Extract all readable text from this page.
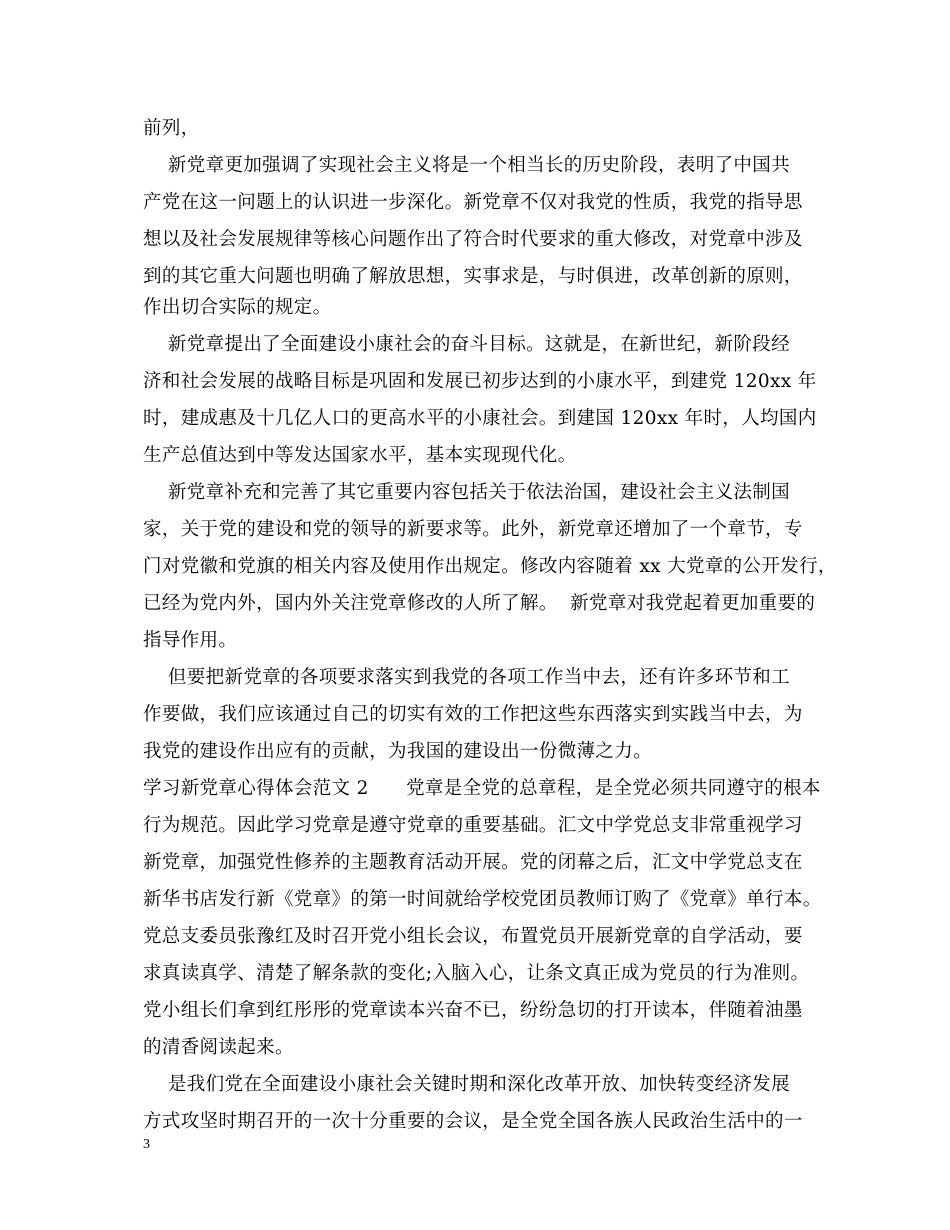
前列，
新党章更加强调了实现社会主义将是一个相当长的历史阶段，表明了中国共
产党在这一问题上的认识进一步深化。新党章不仅对我党的性质，我党的指导思
想以及社会发展规律等核心问题作出了符合时代要求的重大修改，对党章中涉及
到的其它重大问题也明确了解放思想，实事求是，与时俱进，改革创新的原则，
作出切合实际的规定。
新党章提出了全面建设小康社会的奋斗目标。这就是，在新世纪，新阶段经
济和社会发展的战略目标是巩固和发展已初步达到的小康水平，到建党 120xx 年
时，建成惠及十几亿人口的更高水平的小康社会。到建国 120xx 年时，人均国内
生产总值达到中等发达国家水平，基本实现现代化。
新党章补充和完善了其它重要内容包括关于依法治国，建设社会主义法制国
家，关于党的建设和党的领导的新要求等。此外，新党章还增加了一个章节，专
门对党徽和党旗的相关内容及使用作出规定。修改内容随着 xx 大党章的公开发行，
已经为党内外，国内外关注党章修改的人所了解。  新党章对我党起着更加重要的
指导作用。
但要把新党章的各项要求落实到我党的各项工作当中去，还有许多环节和工
作要做，我们应该通过自己的切实有效的工作把这些东西落实到实践当中去，为
我党的建设作出应有的贡献，为我国的建设出一份微薄之力。
学习新党章心得体会范文 2      党章是全党的总章程，是全党必须共同遵守的根本
行为规范。因此学习党章是遵守党章的重要基础。汇文中学党总支非常重视学习
新党章，加强党性修养的主题教育活动开展。党的闭幕之后，汇文中学党总支在
新华书店发行新《党章》的第一时间就给学校党团员教师订购了《党章》单行本。
党总支委员张豫红及时召开党小组长会议，布置党员开展新党章的自学活动，要
求真读真学、清楚了解条款的变化;入脑入心，让条文真正成为党员的行为准则。
党小组长们拿到红彤彤的党章读本兴奋不已，纷纷急切的打开读本，伴随着油墨
的清香阅读起来。
是我们党在全面建设小康社会关键时期和深化改革开放、加快转变经济发展
方式攻坚时期召开的一次十分重要的会议，是全党全国各族人民政治生活中的一
3
